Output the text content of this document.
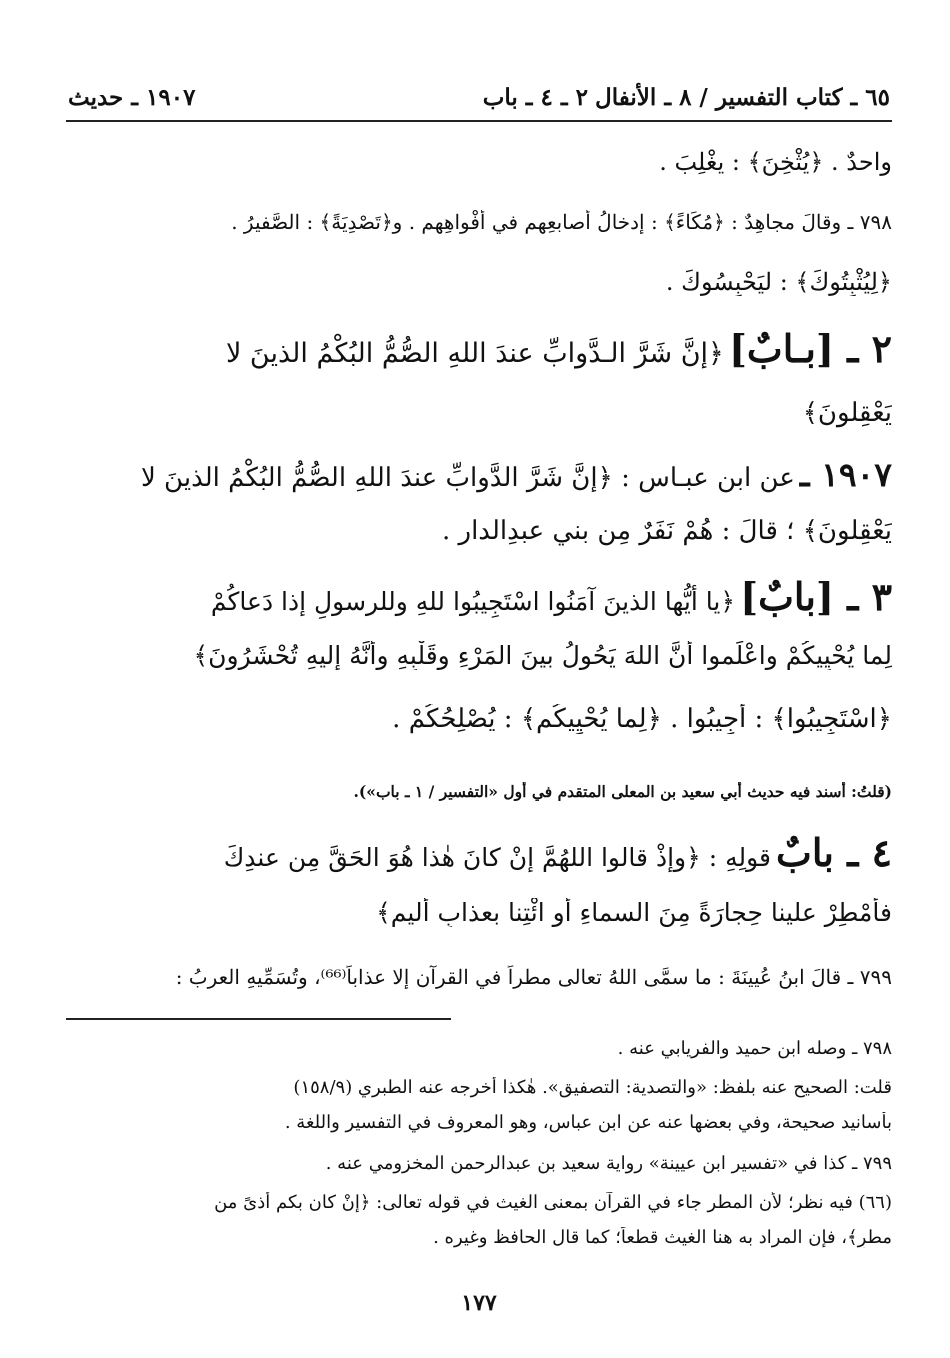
٦٥ ـ كتاب التفسير / ٨ ـ الأنفال
٢ ـ ٤ ـ باب
١٩٠٧ ـ حديث
واحدٌ . ﴿يُثْخِنَ﴾ : يغْلِبَ .
٧٩٨ ـ وقالَ مجاهِدٌ : ﴿مُكَاءً﴾ : إدخالُ أصابعِهم في أفْواهِهِم . و﴿تَصْدِيَةً﴾ : الصَّفيرُ .
﴿لِيُثْبِتُوكَ﴾ : ليَحْبِسُوكَ .
٢ ـ [بـابٌ] ﴿إنَّ شَرَّ الـدَّوابِّ عندَ اللهِ الصُّمُّ البُكْمُ الذينَ لا
يَعْقِلونَ﴾
١٩٠٧ ـ عن ابنِ عبـاسٍ : ﴿إنَّ شَرَّ الدَّوابِّ عندَ اللهِ الصُّمُّ البُكْمُ الذينَ لا
يَعْقِلونَ﴾ ؛ قالَ : هُمْ نَفَرٌ مِن بني عبدِالدارِ .
٣ ـ [بابٌ] ﴿يا أيُّها الذينَ آمَنُوا اسْتَجِيبُوا للهِ وللرسولِ إذا دَعاكُمْ
لِما يُحْيِيكُمْ واعْلَموا أنَّ اللهَ يَحُولُ بينَ المَرْءِ وقَلْبِهِ وأنَّهُ إليهِ تُحْشَرُونَ﴾
﴿اسْتَجِيبُوا﴾ : أجِيبُوا . ﴿لِما يُحْيِيكُم﴾ : يُصْلِحُكُمْ .
(قلتُ: أسند فيه حديث أبي سعيد بن المعلى المتقدم في أول «التفسير / ١ ـ باب»).
٤ ـ بابٌ قولِهِ : ﴿وإذْ قالوا اللهُمَّ إنْ كانَ هٰذا هُوَ الحَقَّ مِن عندِكَ
فأمْطِرْ علينا حِجارَةً مِنَ السماءِ أوِ ائْتِنا بعذابٍ أليمٍ﴾
٧٩٩ ـ قالَ ابنُ عُيينَةَ : ما سمَّى اللهُ تعالى مطراً في القرآنِ إلا عذاباً⁽⁶⁶⁾، وتُسَمِّيهِ العربُ :
٧٩٨ ـ وصله ابن حميد والفريابي عنه .
قلت: الصحيح عنه بلفظ: «والتصدية: التصفيق». هٰكذا أخرجه عنه الطبري (١٥٨/٩)
بأسانيد صحيحة، وفي بعضها عنه عن ابن عباس، وهو المعروف في التفسير واللغة .
٧٩٩ ـ كذا في «تفسير ابن عيينة» رواية سعيد بن عبدالرحمن المخزومي عنه .
(٦٦) فيه نظر؛ لأن المطر جاء في القرآن بمعنى الغيث في قوله تعالى: ﴿إنْ كان بكم أذىً من
مطرٍ﴾، فإن المراد به هنا الغيث قطعاً؛ كما قال الحافظ وغيره .
١٧٧
